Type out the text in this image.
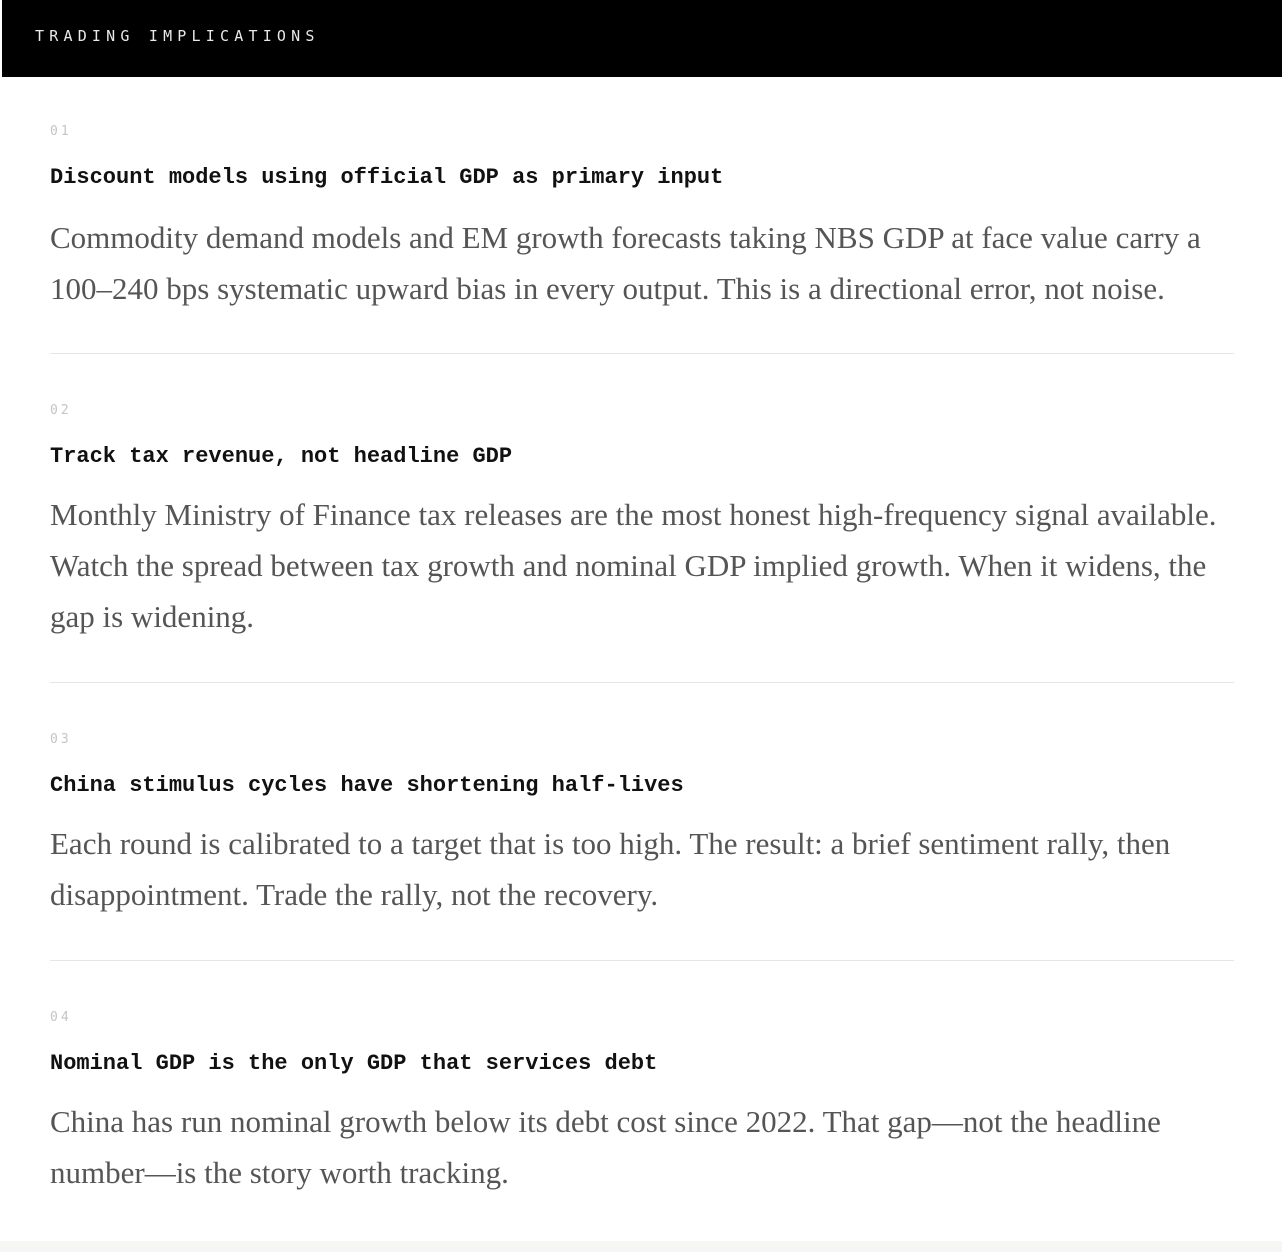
TRADING IMPLICATIONS
01
Discount models using official GDP as primary input
Commodity demand models and EM growth forecasts taking NBS GDP at face value carry a 100–240 bps systematic upward bias in every output. This is a directional error, not noise.
02
Track tax revenue, not headline GDP
Monthly Ministry of Finance tax releases are the most honest high-frequency signal available. Watch the spread between tax growth and nominal GDP implied growth. When it widens, the gap is widening.
03
China stimulus cycles have shortening half-lives
Each round is calibrated to a target that is too high. The result: a brief sentiment rally, then disappointment. Trade the rally, not the recovery.
04
Nominal GDP is the only GDP that services debt
China has run nominal growth below its debt cost since 2022. That gap—not the headline number—is the story worth tracking.
